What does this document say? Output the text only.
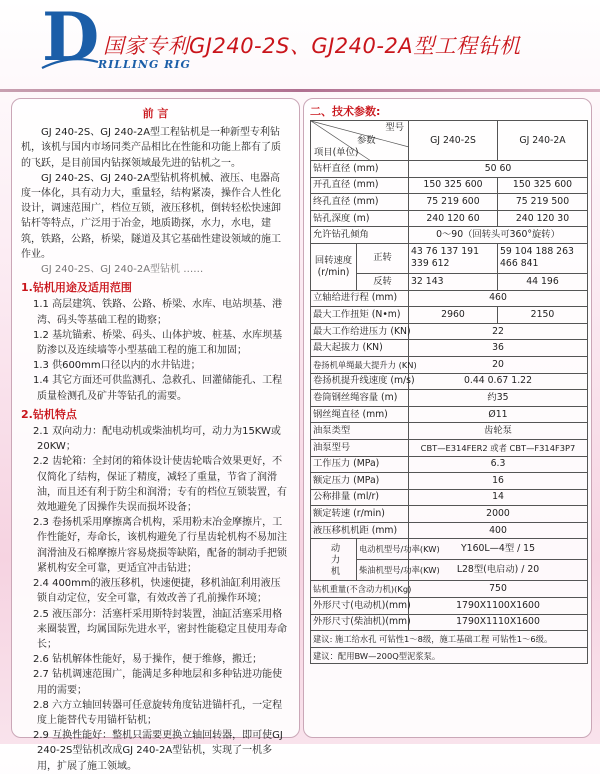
D
RILLING RIG
国家专利GJ240-2S、GJ240-2A型工程钻机
前 言
GJ 240-2S、GJ 240-2A型工程钻机是一种新型专利钻机，该机与国内市场同类产品相比在性能和功能上都有了质的飞跃，是目前国内钻探领域最先进的钻机之一。
GJ 240-2S、GJ 240-2A型钻机将机械、液压、电器高度一体化，具有动力大，重量轻，结构紧凑，操作合人性化设计，调速范围广，档位互锁，液压移机，倒转轻松快速卸钻杆等特点，广泛用于冶金，地质勘探，水力，水电，建筑，铁路，公路，桥梁，隧道及其它基础性建设领域的施工作业。
GJ 240-2S、GJ 240-2A型钻机 ……
1.钻机用途及适用范围
1.1 高层建筑、铁路、公路、桥梁、水库、电站坝基、港湾、码头等基础工程的勘察；
1.2 基坑锚索、桥梁、码头、山体护坡、桩基、水库坝基防渗以及连续墙等小型基础工程的施工和加固；
1.3 供600mm口径以内的水井钻进；
1.4 其它方面还可供监测孔、急救孔、回灌储能孔、工程质量检测孔及矿井等钻孔的需要。
2.钻机特点
2.1 双向动力：配电动机或柴油机均可，动力为15KW或20KW；
2.2 齿轮箱：全封闭的箱体设计使齿轮啮合效果更好，不仅简化了结构，保证了精度，减轻了重量，节省了润滑油，而且还有利于防尘和润滑；专有的档位互锁装置，有效地避免了因操作失误而损坏设备；
2.3 卷扬机采用摩擦离合机构，采用粉末冶金摩擦片，工作性能好，寿命长，该机构避免了行星齿轮机构不易加注润滑油及石棉摩擦片容易烧损等缺陷，配备的制动手把锁紧机构安全可靠，更适宜冲击钻进；
2.4 400mm的液压移机，快速便捷，移机油缸利用液压锁自动定位，安全可靠，有效改善了孔前操作环境；
2.5 液压部分：活塞杆采用斯特封装置，油缸活塞采用格来圈装置，均属国际先进水平，密封性能稳定且使用寿命长；
2.6 钻机解体性能好，易于操作，便于维修，搬迁；
2.7 钻机调速范围广，能满足多种地层和多种钻进功能使用的需要；
2.8 六方立轴回转器可任意旋转角度钻进锚杆孔，一定程度上能替代专用锚杆钻机；
2.9 互换性能好：整机只需要更换立轴回转器，即可使GJ 240-2S型钻机改成GJ 240-2A型钻机，实现了一机多用，扩展了施工领域。
二、技术参数:
型号
参数
项目(单位)		GJ 240-2S	GJ 240-2A
钻杆直径 (mm)		50 60	
开孔直径 (mm)		150 325 600	150 325 600
终孔直径 (mm)		75 219 600	75 219 500
钻孔深度 (m)		240 120 60	240 120 30
允许钻孔倾角		0～90（回转头可360°旋转）	
回转速度 (r/min)	正转	43 76 137 191 339 612	59 104 188 263 466 841
	反转	32 143	44 196
立轴给进行程 (mm)		460	
最大工作扭矩 (N•m)		2960	2150
最大工作给进压力 (KN)		22	
最大起拔力 (KN)		36	
卷扬机单绳最大提升力 (KN)		20	
卷扬机提升线速度 (m/s)		0.44 0.67 1.22	
卷筒钢丝绳容量 (m)		约35	
钢丝绳直径 (mm)		Ø11	
油泵类型		齿轮泵	
油泵型号		CBT—E314FER2 或者 CBT—F314F3P7	
工作压力 (MPa)		6.3	
额定压力 (MPa)		16	
公称排量 (ml/r)		14	
额定转速 (r/min)		2000	
液压移机机距 (mm)		400	
动力机	电动机型号/功率(KW)	Y160L—4型 / 15	
	柴油机型号/功率(KW)	L28型(电启动) / 20	
钻机重量(不含动力机)(Kg)		750	
外形尺寸(电动机)(mm)		1790X1100X1600	
外形尺寸(柴油机)(mm)		1790X1110X1600	
建议: 施工给水孔 可钻性1～8级，施工基础工程 可钻性1～6级。			
建议：配用BW—200Q型泥浆泵。			
